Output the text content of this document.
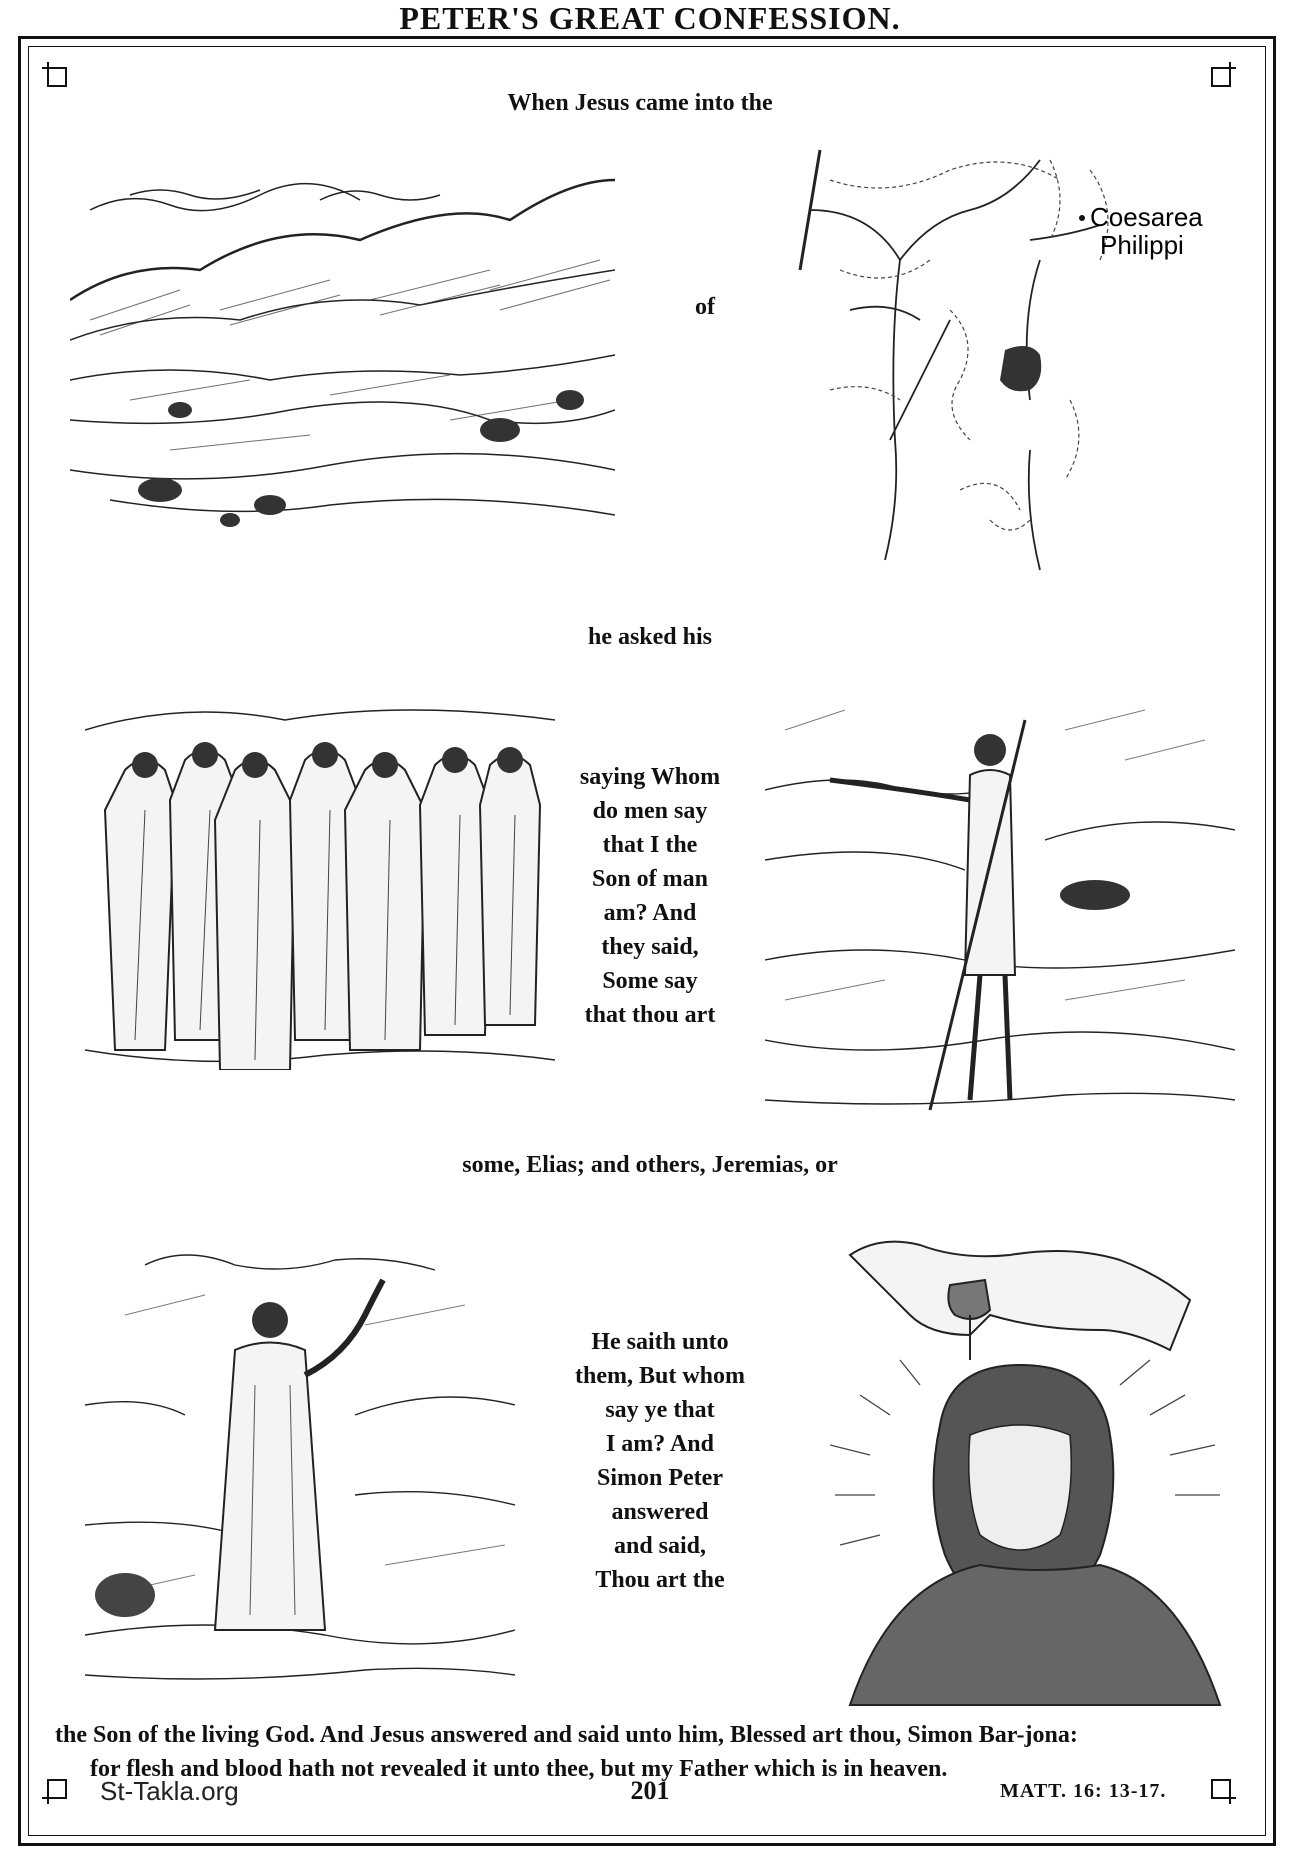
PETER'S GREAT CONFESSION.
When Jesus came into the
of
Coesarea
Philippi
he asked his
saying Whom
do men say
that I the
Son of man
am? And
they said,
Some say
that thou art
some, Elias; and others, Jeremias, or
He saith unto
them, But whom
say ye that
I am? And
Simon Peter
answered
and said,
Thou art the
the Son of the living God. And Jesus answered and said unto him, Blessed art thou, Simon Bar-jona:
for flesh and blood hath not revealed it unto thee, but my Father which is in heaven.
St-Takla.org	201	MATT. 16: 13-17.
